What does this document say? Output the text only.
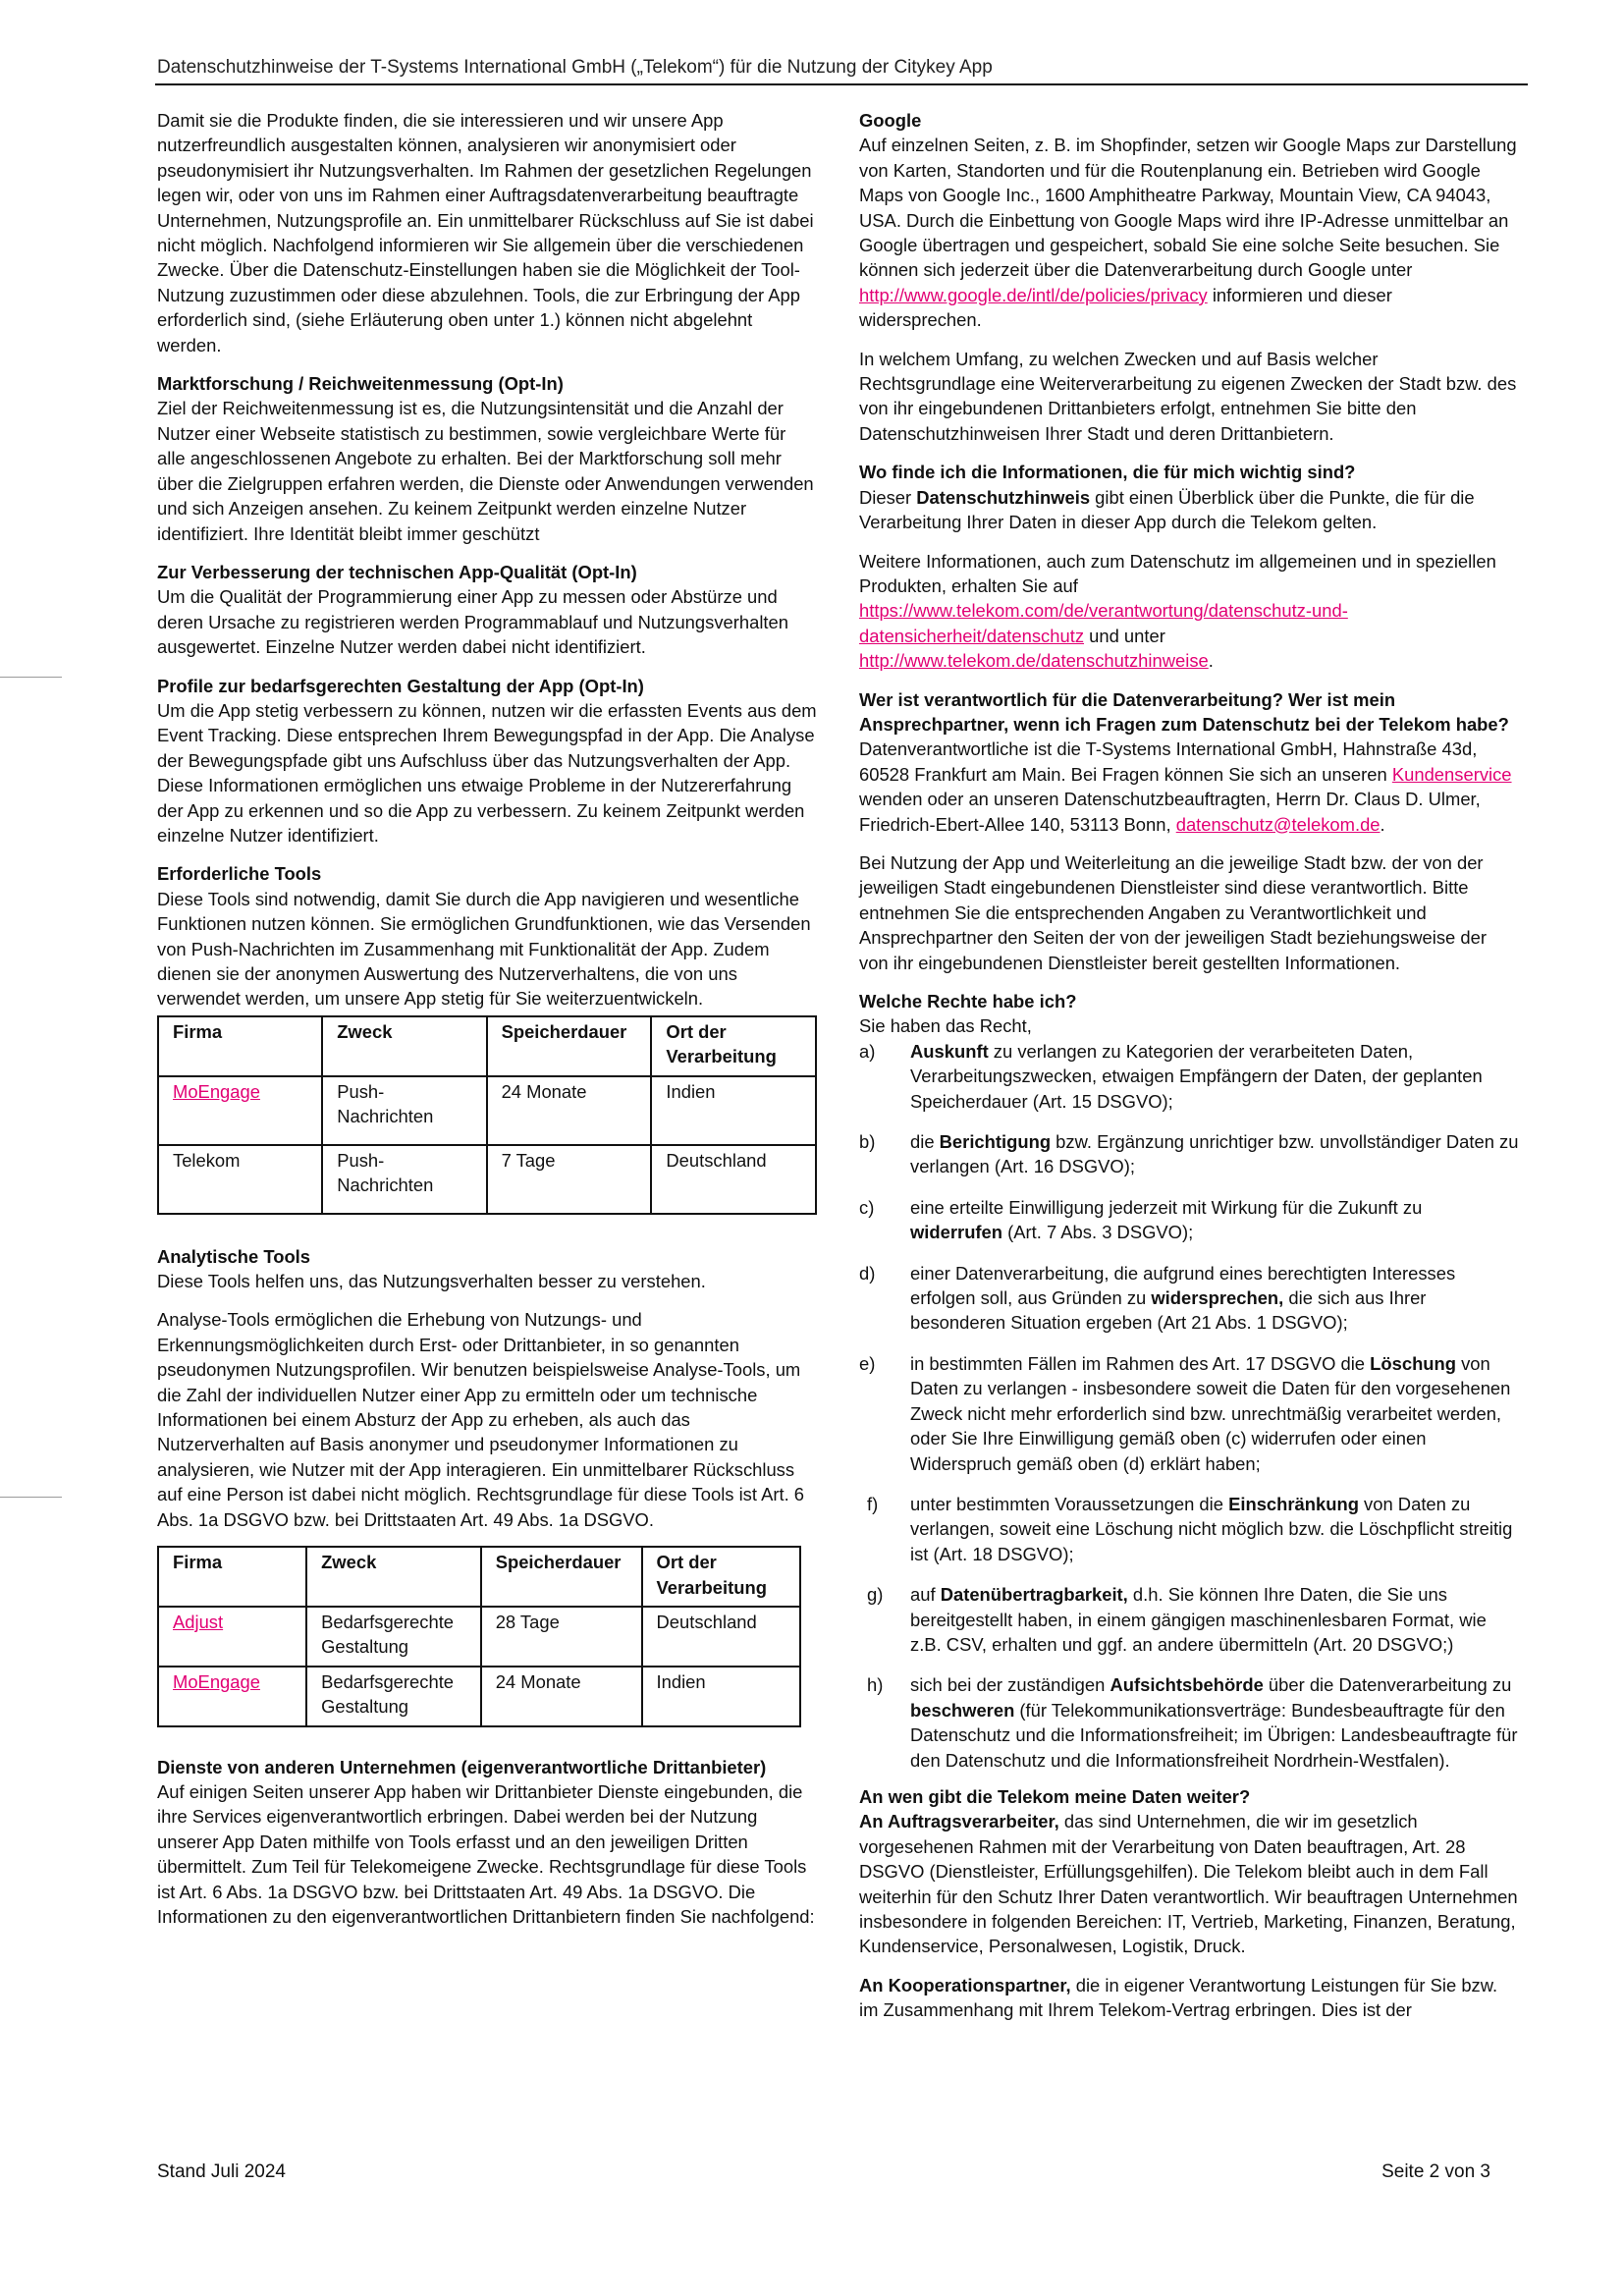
Datenschutzhinweise der T-Systems International GmbH („Telekom“) für die Nutzung der Citykey App

Damit sie die Produkte finden, die sie interessieren und wir unsere App nutzerfreundlich ausgestalten können, analysieren wir anonymisiert oder pseudonymisiert ihr Nutzungsverhalten. Im Rahmen der gesetzlichen Regelungen legen wir, oder von uns im Rahmen einer Auftragsdatenverarbeitung beauftragte Unternehmen, Nutzungsprofile an. Ein unmittelbarer Rückschluss auf Sie ist dabei nicht möglich. Nachfolgend informieren wir Sie allgemein über die verschiedenen Zwecke. Über die Datenschutz-Einstellungen haben sie die Möglichkeit der Tool-Nutzung zuzustimmen oder diese abzulehnen. Tools, die zur Erbringung der App erforderlich sind, (siehe Erläuterung oben unter 1.) können nicht abgelehnt werden.

Marktforschung / Reichweitenmessung (Opt-In)
Ziel der Reichweitenmessung ist es, die Nutzungsintensität und die Anzahl der Nutzer einer Webseite statistisch zu bestimmen, sowie vergleichbare Werte für alle angeschlossenen Angebote zu erhalten. Bei der Marktforschung soll mehr über die Zielgruppen erfahren werden, die Dienste oder Anwendungen verwenden und sich Anzeigen ansehen. Zu keinem Zeitpunkt werden einzelne Nutzer identifiziert. Ihre Identität bleibt immer geschützt

Zur Verbesserung der technischen App-Qualität (Opt-In)
Um die Qualität der Programmierung einer App zu messen oder Abstürze und deren Ursache zu registrieren werden Programmablauf und Nutzungsverhalten ausgewertet. Einzelne Nutzer werden dabei nicht identifiziert.

Profile zur bedarfsgerechten Gestaltung der App (Opt-In)
Um die App stetig verbessern zu können, nutzen wir die erfassten Events aus dem Event Tracking. Diese entsprechen Ihrem Bewegungspfad in der App. Die Analyse der Bewegungspfade gibt uns Aufschluss über das Nutzungsverhalten der App. Diese Informationen ermöglichen uns etwaige Probleme in der Nutzererfahrung der App zu erkennen und so die App zu verbessern. Zu keinem Zeitpunkt werden einzelne Nutzer identifiziert.

Erforderliche Tools
Diese Tools sind notwendig, damit Sie durch die App navigieren und wesentliche Funktionen nutzen können. Sie ermöglichen Grundfunktionen, wie das Versenden von Push-Nachrichten im Zusammenhang mit Funktionalität der App. Zudem dienen sie der anonymen Auswertung des Nutzerverhaltens, die von uns verwendet werden, um unsere App stetig für Sie weiterzuentwickeln.

Firma	Zweck	Speicherdauer	Ort der Verarbeitung
MoEngage	Push-Nachrichten	24 Monate	Indien
Telekom	Push-Nachrichten	7 Tage	Deutschland

Analytische Tools
Diese Tools helfen uns, das Nutzungsverhalten besser zu verstehen.

Analyse-Tools ermöglichen die Erhebung von Nutzungs- und Erkennungsmöglichkeiten durch Erst- oder Drittanbieter, in so genannten pseudonymen Nutzungsprofilen. Wir benutzen beispielsweise Analyse-Tools, um die Zahl der individuellen Nutzer einer App zu ermitteln oder um technische Informationen bei einem Absturz der App zu erheben, als auch das Nutzerverhalten auf Basis anonymer und pseudonymer Informationen zu analysieren, wie Nutzer mit der App interagieren. Ein unmittelbarer Rückschluss auf eine Person ist dabei nicht möglich. Rechtsgrundlage für diese Tools ist Art. 6 Abs. 1a DSGVO bzw. bei Drittstaaten Art. 49 Abs. 1a DSGVO.

Firma	Zweck	Speicherdauer	Ort der Verarbeitung
Adjust	Bedarfsgerechte Gestaltung	28 Tage	Deutschland
MoEngage	Bedarfsgerechte Gestaltung	24 Monate	Indien

Dienste von anderen Unternehmen (eigenverantwortliche Drittanbieter)
Auf einigen Seiten unserer App haben wir Drittanbieter Dienste eingebunden, die ihre Services eigenverantwortlich erbringen. Dabei werden bei der Nutzung unserer App Daten mithilfe von Tools erfasst und an den jeweiligen Dritten übermittelt. Zum Teil für Telekomeigene Zwecke. Rechtsgrundlage für diese Tools ist Art. 6 Abs. 1a DSGVO bzw. bei Drittstaaten Art. 49 Abs. 1a DSGVO. Die Informationen zu den eigenverantwortlichen Drittanbietern finden Sie nachfolgend:

Google
Auf einzelnen Seiten, z. B. im Shopfinder, setzen wir Google Maps zur Darstellung von Karten, Standorten und für die Routenplanung ein. Betrieben wird Google Maps von Google Inc., 1600 Amphitheatre Parkway, Mountain View, CA 94043, USA. Durch die Einbettung von Google Maps wird ihre IP-Adresse unmittelbar an Google übertragen und gespeichert, sobald Sie eine solche Seite besuchen. Sie können sich jederzeit über die Datenverarbeitung durch Google unter http://www.google.de/intl/de/policies/privacy informieren und dieser widersprechen.

In welchem Umfang, zu welchen Zwecken und auf Basis welcher Rechtsgrundlage eine Weiterverarbeitung zu eigenen Zwecken der Stadt bzw. des von ihr eingebundenen Drittanbieters erfolgt, entnehmen Sie bitte den Datenschutzhinweisen Ihrer Stadt und deren Drittanbietern.

Wo finde ich die Informationen, die für mich wichtig sind?
Dieser Datenschutzhinweis gibt einen Überblick über die Punkte, die für die Verarbeitung Ihrer Daten in dieser App durch die Telekom gelten.

Weitere Informationen, auch zum Datenschutz im allgemeinen und in speziellen Produkten, erhalten Sie auf https://www.telekom.com/de/verantwortung/datenschutz-und-datensicherheit/datenschutz und unter http://www.telekom.de/datenschutzhinweise.

Wer ist verantwortlich für die Datenverarbeitung? Wer ist mein Ansprechpartner, wenn ich Fragen zum Datenschutz bei der Telekom habe?
Datenverantwortliche ist die T-Systems International GmbH, Hahnstraße 43d, 60528 Frankfurt am Main. Bei Fragen können Sie sich an unseren Kundenservice wenden oder an unseren Datenschutzbeauftragten, Herrn Dr. Claus D. Ulmer, Friedrich-Ebert-Allee 140, 53113 Bonn, datenschutz@telekom.de.

Bei Nutzung der App und Weiterleitung an die jeweilige Stadt bzw. der von der jeweiligen Stadt eingebundenen Dienstleister sind diese verantwortlich. Bitte entnehmen Sie die entsprechenden Angaben zu Verantwortlichkeit und Ansprechpartner den Seiten der von der jeweiligen Stadt beziehungsweise der von ihr eingebundenen Dienstleister bereit gestellten Informationen.

Welche Rechte habe ich?
Sie haben das Recht,
a)	Auskunft zu verlangen zu Kategorien der verarbeiteten Daten, Verarbeitungszwecken, etwaigen Empfängern der Daten, der geplanten Speicherdauer (Art. 15 DSGVO);
b)	die Berichtigung bzw. Ergänzung unrichtiger bzw. unvollständiger Daten zu verlangen (Art. 16 DSGVO);
c)	eine erteilte Einwilligung jederzeit mit Wirkung für die Zukunft zu widerrufen (Art. 7 Abs. 3 DSGVO);
d)	einer Datenverarbeitung, die aufgrund eines berechtigten Interesses erfolgen soll, aus Gründen zu widersprechen, die sich aus Ihrer besonderen Situation ergeben (Art 21 Abs. 1 DSGVO);
e)	in bestimmten Fällen im Rahmen des Art. 17 DSGVO die Löschung von Daten zu verlangen - insbesondere soweit die Daten für den vorgesehenen Zweck nicht mehr erforderlich sind bzw. unrechtmäßig verarbeitet werden, oder Sie Ihre Einwilligung gemäß oben (c) widerrufen oder einen Widerspruch gemäß oben (d) erklärt haben;
f)	unter bestimmten Voraussetzungen die Einschränkung von Daten zu verlangen, soweit eine Löschung nicht möglich bzw. die Löschpflicht streitig ist (Art. 18 DSGVO);
g)	auf Datenübertragbarkeit, d.h. Sie können Ihre Daten, die Sie uns bereitgestellt haben, in einem gängigen maschinenlesbaren Format, wie z.B. CSV, erhalten und ggf. an andere übermitteln (Art. 20 DSGVO;)
h)	sich bei der zuständigen Aufsichtsbehörde über die Datenverarbeitung zu beschweren (für Telekommunikationsverträge: Bundesbeauftragte für den Datenschutz und die Informationsfreiheit; im Übrigen: Landesbeauftragte für den Datenschutz und die Informationsfreiheit Nordrhein-Westfalen).

An wen gibt die Telekom meine Daten weiter?
An Auftragsverarbeiter, das sind Unternehmen, die wir im gesetzlich vorgesehenen Rahmen mit der Verarbeitung von Daten beauftragen, Art. 28 DSGVO (Dienstleister, Erfüllungsgehilfen). Die Telekom bleibt auch in dem Fall weiterhin für den Schutz Ihrer Daten verantwortlich. Wir beauftragen Unternehmen insbesondere in folgenden Bereichen: IT, Vertrieb, Marketing, Finanzen, Beratung, Kundenservice, Personalwesen, Logistik, Druck.

An Kooperationspartner, die in eigener Verantwortung Leistungen für Sie bzw. im Zusammenhang mit Ihrem Telekom-Vertrag erbringen. Dies ist der

Stand Juli 2024	Seite 2 von 3
